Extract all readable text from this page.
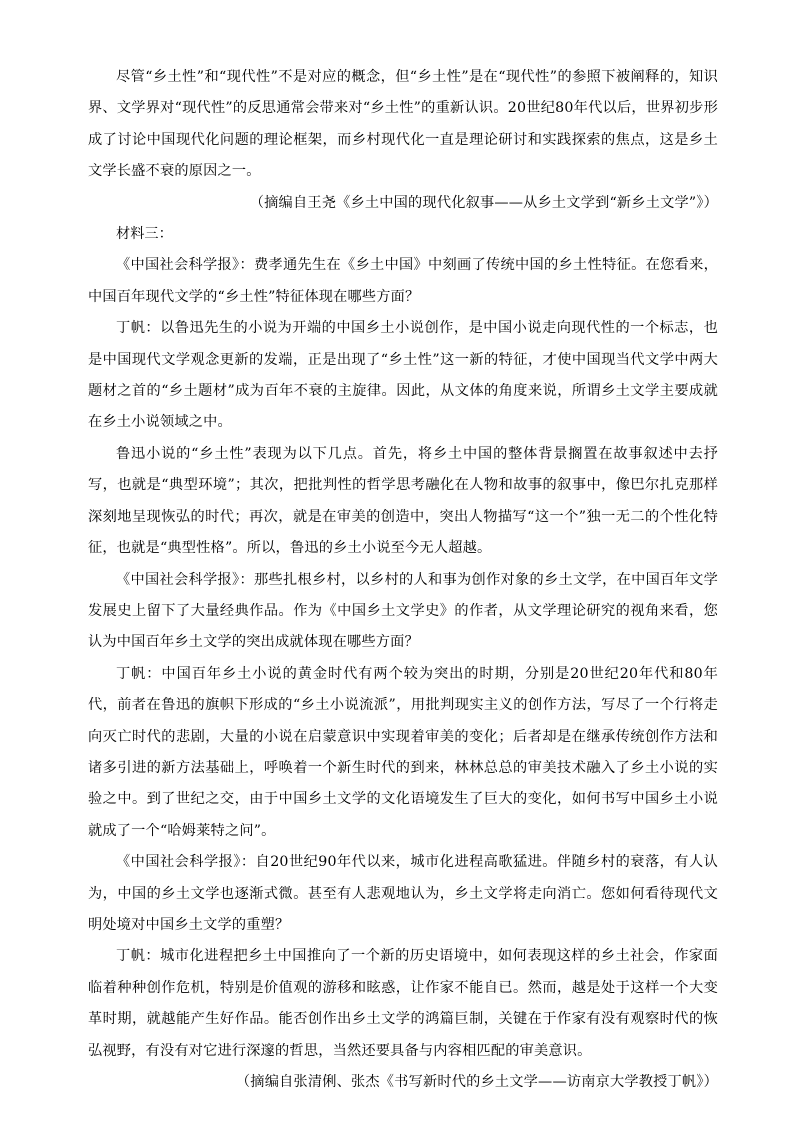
尽管“乡土性”和“现代性”不是对应的概念，但“乡土性”是在“现代性”的参照下被阐释的，知识界、文学界对“现代性”的反思通常会带来对“乡土性”的重新认识。20世纪80年代以后，世界初步形成了讨论中国现代化问题的理论框架，而乡村现代化一直是理论研讨和实践探索的焦点，这是乡土文学长盛不衰的原因之一。

（摘编自王尧《乡土中国的现代化叙事——从乡土文学到“新乡土文学”》）

材料三：

《中国社会科学报》：费孝通先生在《乡土中国》中刻画了传统中国的乡土性特征。在您看来，中国百年现代文学的“乡土性”特征体现在哪些方面？

丁帆：以鲁迅先生的小说为开端的中国乡土小说创作，是中国小说走向现代性的一个标志，也是中国现代文学观念更新的发端，正是出现了“乡土性”这一新的特征，才使中国现当代文学中两大题材之首的“乡土题材”成为百年不衰的主旋律。因此，从文体的角度来说，所谓乡土文学主要成就在乡土小说领域之中。

鲁迅小说的“乡土性”表现为以下几点。首先，将乡土中国的整体背景搁置在故事叙述中去抒写，也就是“典型环境”；其次，把批判性的哲学思考融化在人物和故事的叙事中，像巴尔扎克那样深刻地呈现恢弘的时代；再次，就是在审美的创造中，突出人物描写“这一个”独一无二的个性化特征，也就是“典型性格”。所以，鲁迅的乡土小说至今无人超越。

《中国社会科学报》：那些扎根乡村，以乡村的人和事为创作对象的乡土文学，在中国百年文学发展史上留下了大量经典作品。作为《中国乡土文学史》的作者，从文学理论研究的视角来看，您认为中国百年乡土文学的突出成就体现在哪些方面？

丁帆：中国百年乡土小说的黄金时代有两个较为突出的时期，分别是20世纪20年代和80年代，前者在鲁迅的旗帜下形成的“乡土小说流派”，用批判现实主义的创作方法，写尽了一个行将走向灭亡时代的悲剧，大量的小说在启蒙意识中实现着审美的变化；后者却是在继承传统创作方法和诸多引进的新方法基础上，呼唤着一个新生时代的到来，林林总总的审美技术融入了乡土小说的实验之中。到了世纪之交，由于中国乡土文学的文化语境发生了巨大的变化，如何书写中国乡土小说就成了一个“哈姆莱特之问”。

《中国社会科学报》：自20世纪90年代以来，城市化进程高歌猛进。伴随乡村的衰落，有人认为，中国的乡土文学也逐渐式微。甚至有人悲观地认为，乡土文学将走向消亡。您如何看待现代文明处境对中国乡土文学的重塑？

丁帆：城市化进程把乡土中国推向了一个新的历史语境中，如何表现这样的乡土社会，作家面临着种种创作危机，特别是价值观的游移和眩惑，让作家不能自已。然而，越是处于这样一个大变革时期，就越能产生好作品。能否创作出乡土文学的鸿篇巨制，关键在于作家有没有观察时代的恢弘视野，有没有对它进行深邃的哲思，当然还要具备与内容相匹配的审美意识。

（摘编自张清俐、张杰《书写新时代的乡土文学——访南京大学教授丁帆》）
